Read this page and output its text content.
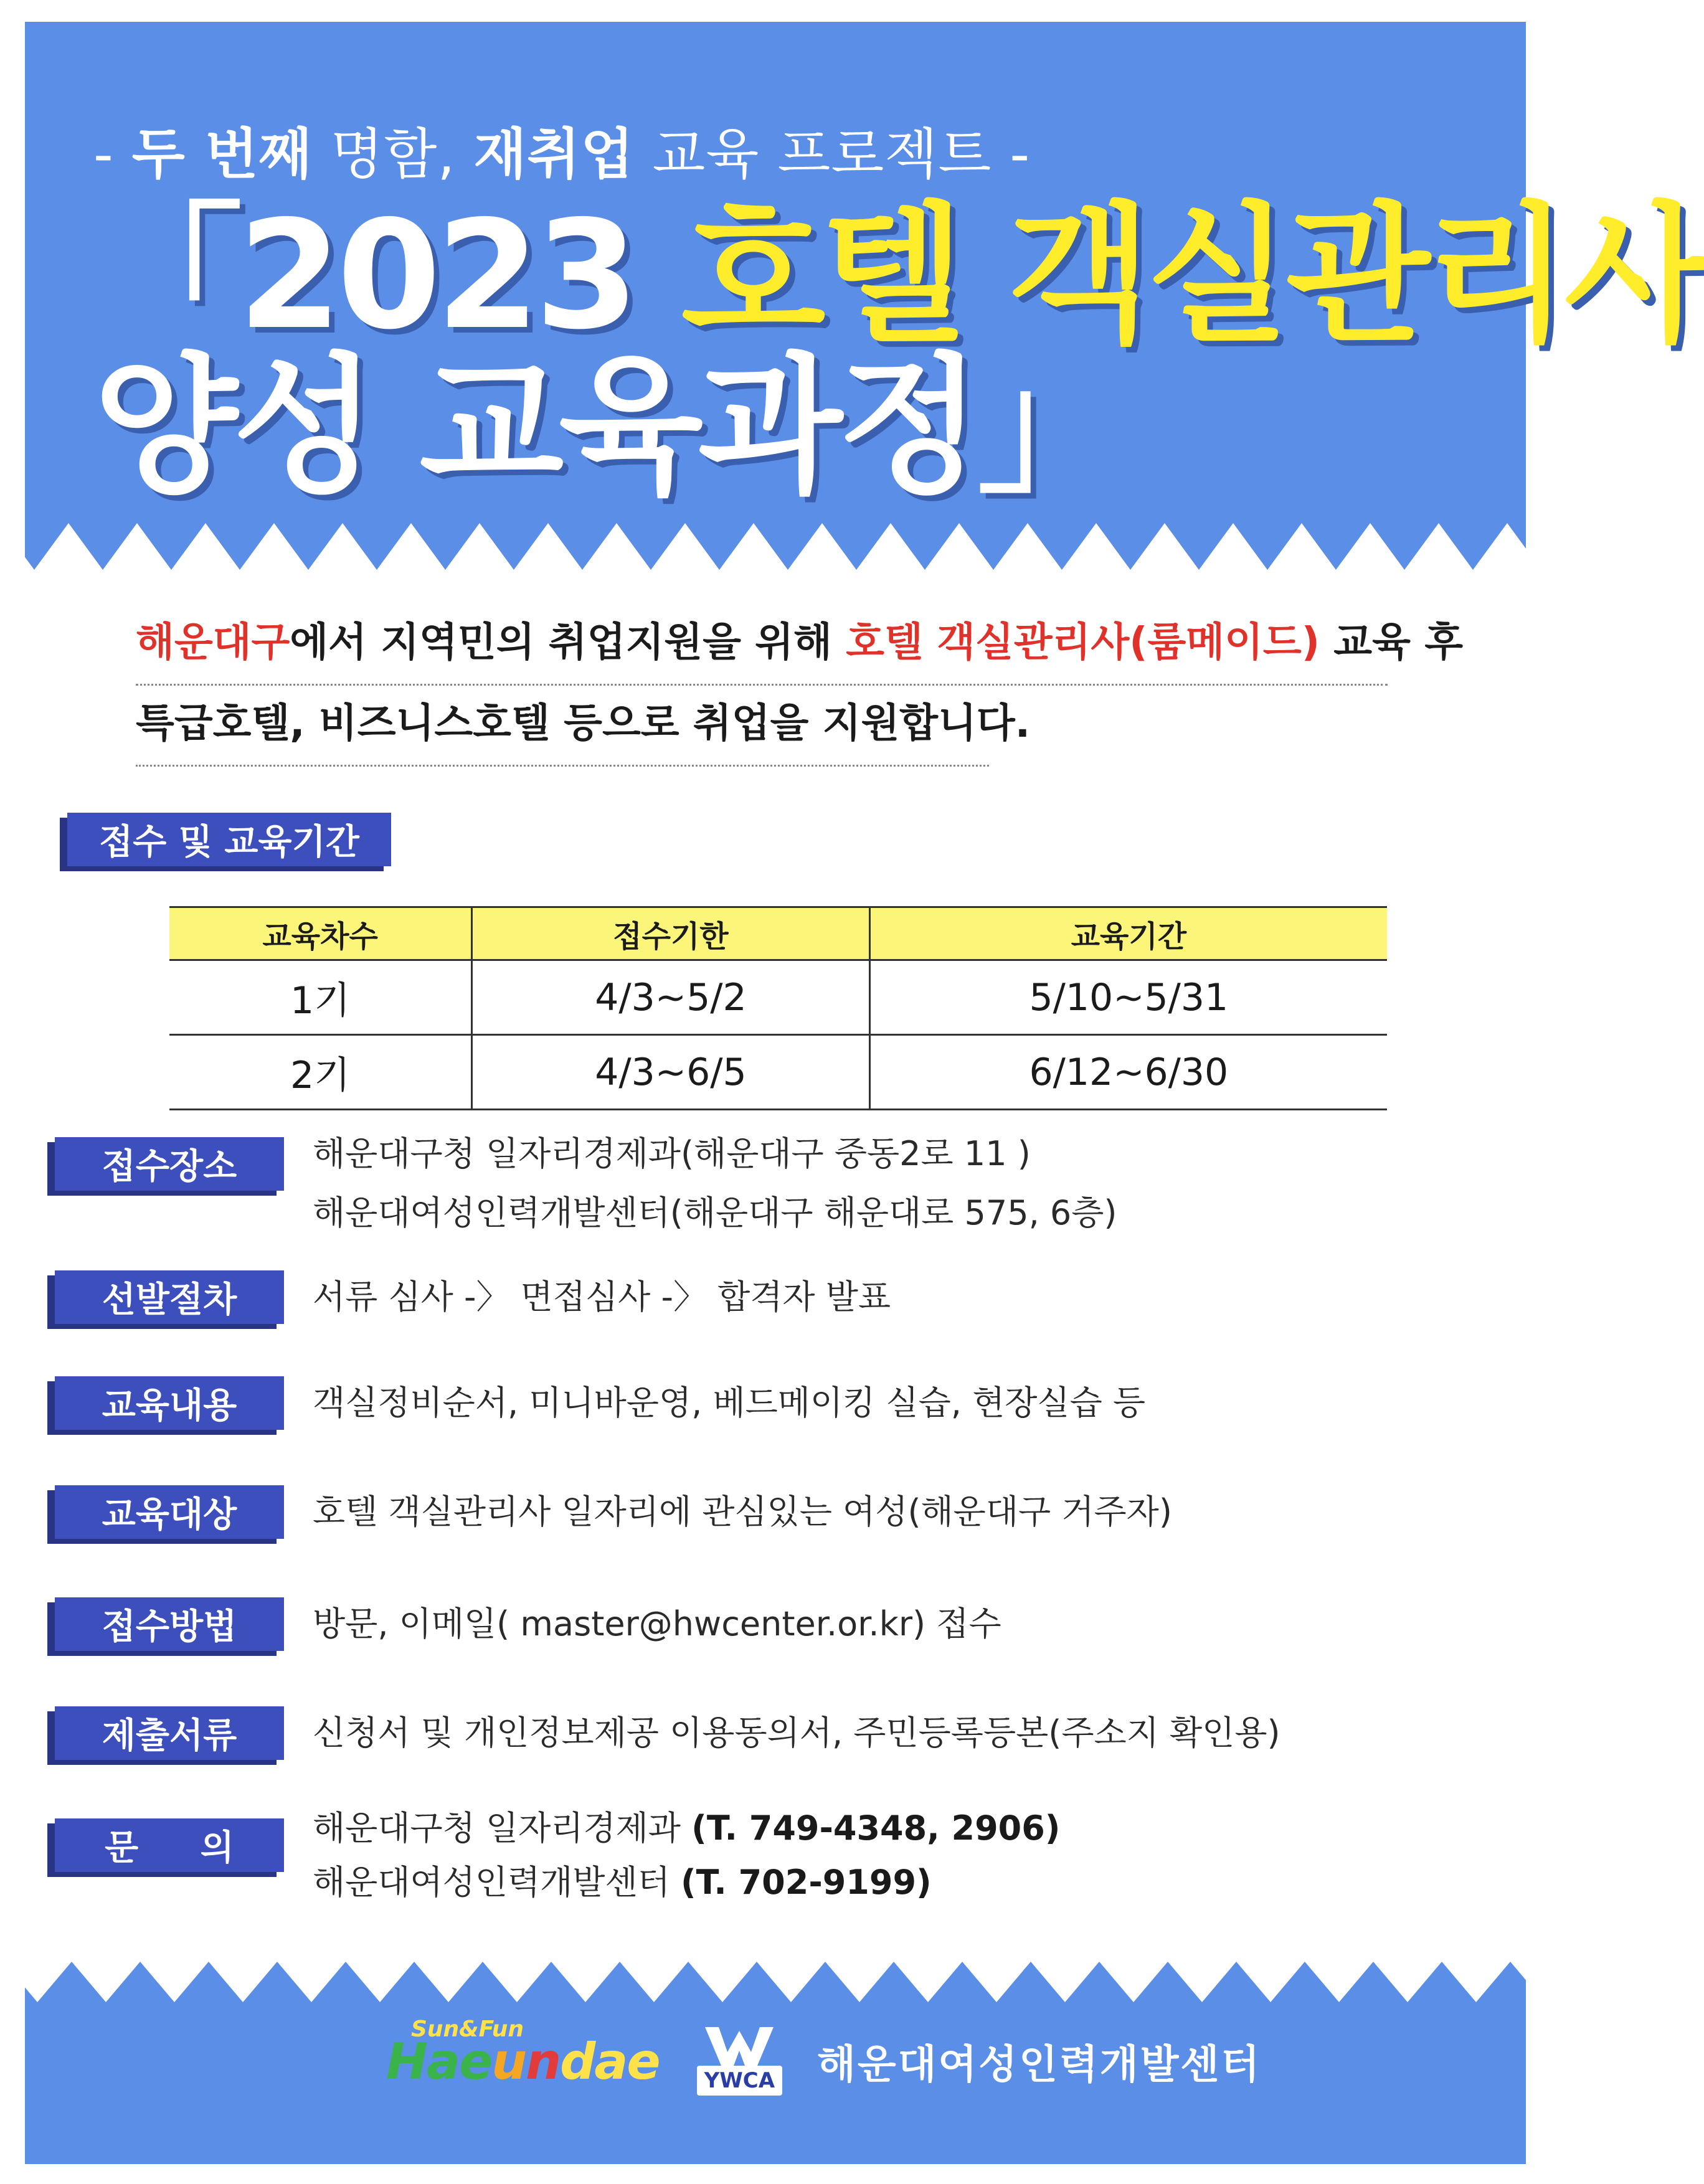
- 두 번째 명함, 재취업 교육 프로젝트 -
「2023 호텔 객실관리사
양성 교육과정」

해운대구에서 지역민의 취업지원을 위해 호텔 객실관리사(룸메이드) 교육 후

특급호텔, 비즈니스호텔 등으로 취업을 지원합니다.

접수 및 교육기간
교육차수	접수기한	교육기간
1기	4/3~5/2	5/10~5/31
2기	4/3~6/5	6/12~6/30
접수장소	해운대구청 일자리경제과(해운대구 중동2로 11 )

해운대여성인력개발센터(해운대구 해운대로 575, 6층)

선발절차	서류 심사 -〉 면접심사 -〉 합격자 발표

교육내용	객실정비순서, 미니바운영, 베드메이킹 실습, 현장실습 등

교육대상	호텔 객실관리사 일자리에 관심있는 여성(해운대구 거주자)

접수방법	방문, 이메일( master@hwcenter.or.kr) 접수

제출서류	신청서 및 개인정보제공 이용동의서, 주민등록등본(주소지 확인용)

문 의	해운대구청 일자리경제과 (T. 749-4348, 2906)

해운대여성인력개발센터 (T. 702-9199)

Sun&Fun
Haeundae	YWCA 해운대여성인력개발센터
